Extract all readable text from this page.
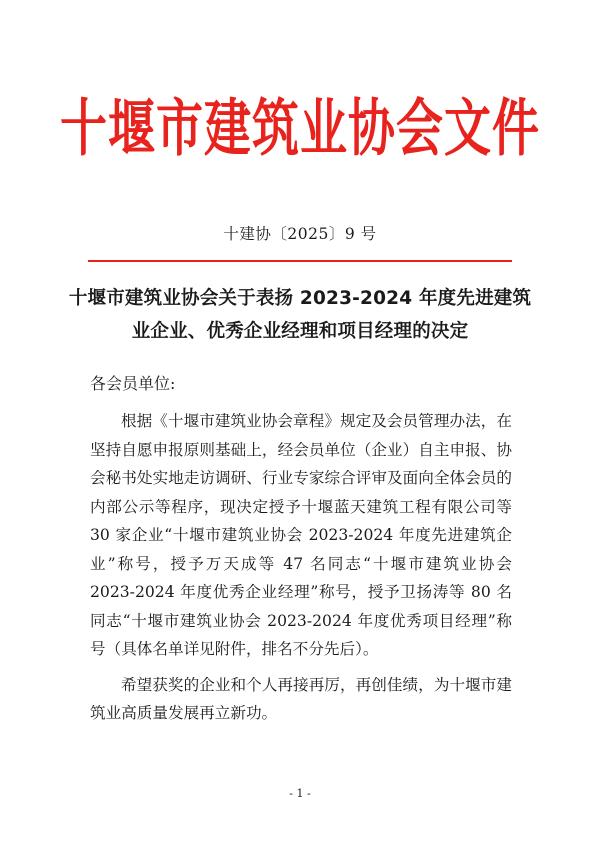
十堰市建筑业协会文件
十建协〔2025〕9 号
十堰市建筑业协会关于表扬 2023-2024 年度先进建筑
业企业、优秀企业经理和项目经理的决定
各会员单位:

根据《十堰市建筑业协会章程》规定及会员管理办法，在坚持自愿申报原则基础上，经会员单位（企业）自主申报、协会秘书处实地走访调研、行业专家综合评审及面向全体会员的内部公示等程序，现决定授予十堰蓝天建筑工程有限公司等 30 家企业“十堰市建筑业协会 2023-2024 年度先进建筑企业”称号，授予万天成等 47 名同志“十堰市建筑业协会 2023-2024 年度优秀企业经理”称号，授予卫扬涛等 80 名同志“十堰市建筑业协会 2023-2024 年度优秀项目经理”称号（具体名单详见附件，排名不分先后）。

希望获奖的企业和个人再接再厉，再创佳绩，为十堰市建筑业高质量发展再立新功。

- 1 -
